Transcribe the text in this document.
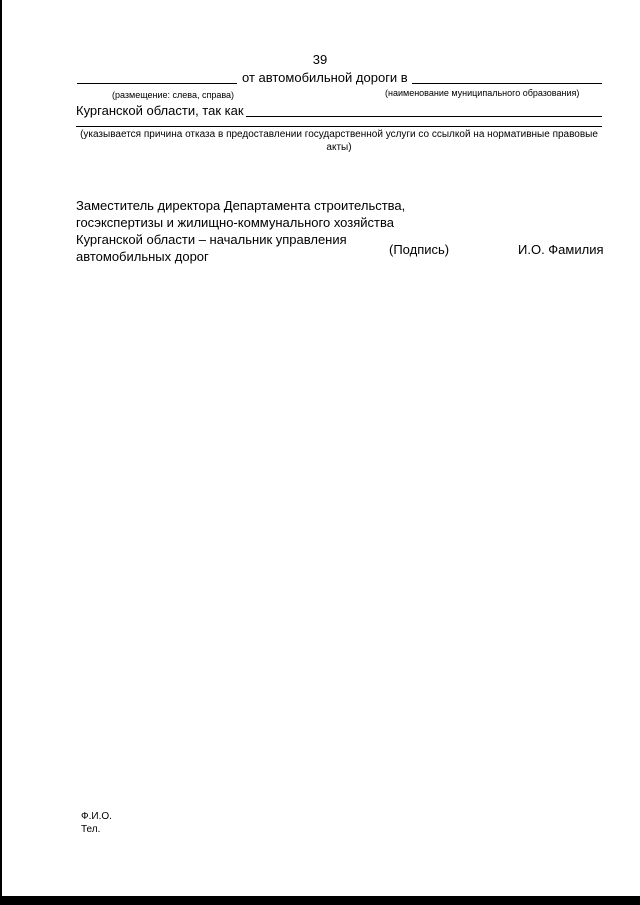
39
от автомобильной дороги в
(размещение: слева, справа)	(наименование муниципального образования)
Курганской области, так как
(указывается причина отказа в предоставлении государственной услуги со ссылкой на нормативные правовые акты)
Заместитель директора Департамента строительства,
госэкспертизы и жилищно-коммунального хозяйства
Курганской области – начальник управления
автомобильных дорог	(Подпись)	И.О. Фамилия
Ф.И.О.
Тел.
